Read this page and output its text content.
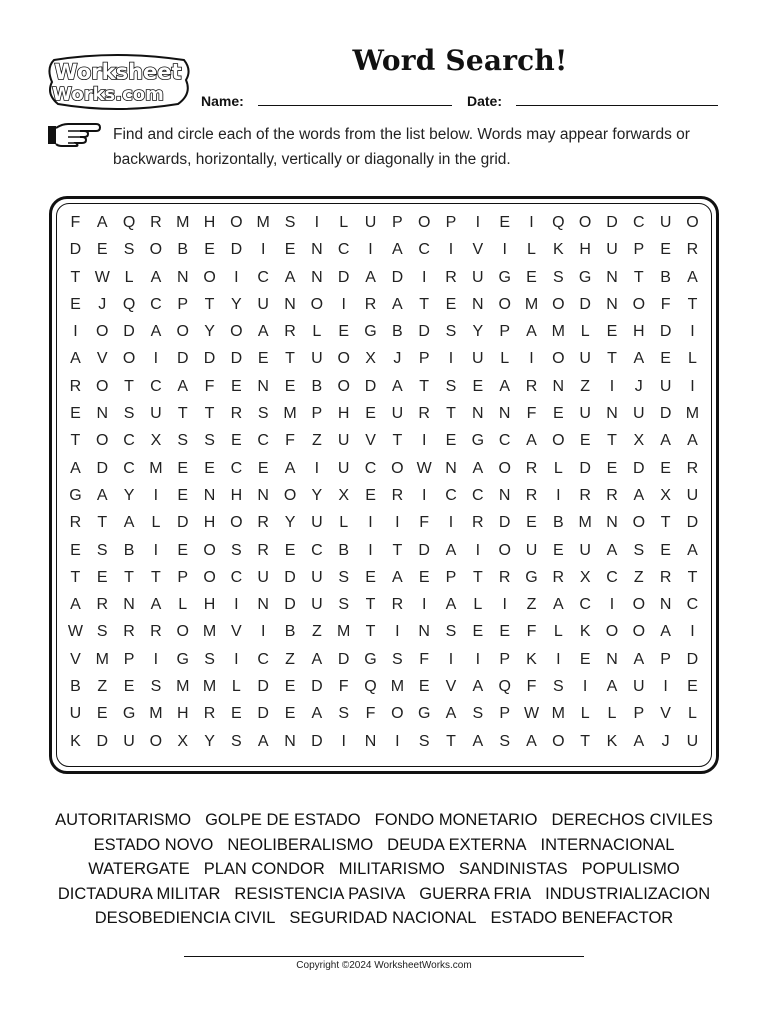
Worksheet
Works.com
Word Search!
Name:	Date:
Find and circle each of the words from the list below. Words may appear forwards or backwards, horizontally, vertically or diagonally in the grid.
F	A Q R M H O M S	I	L	U P O P	I	E	I	Q O D C U O
D E	S O B	E D	I	E N C	I	A C	I	V	I	L	K H U P	E R
T W L	A N O	I	C A N D A D	I	R U G E	S G N	T	B	A
E	J	Q C P	T	Y U N O	I	R A	T	E N O M O D N O F	T
I	O D A O Y O A R	L	E G B D S	Y	P	A M L	E H D	I
A	V O	I	D D D E	T	U O X	J	P	I	U	L	I	O U	T	A	E	L
R O T	C A	F	E N E	B O D A	T	S	E	A R N	Z	I	J	U	I
E N S U	T	T	R S M P H E U R	T	N N	F	E U N U D M
T O C X	S	S	E C	F	Z	U V	T	I	E G C A O E	T	X	A	A
A D C M E	E C E	A	I	U C O W N A O R	L	D E D E R
G A	Y	I	E N H N O Y	X	E R	I	C C N R	I	R R A	X U
R	T	A	L	D H O R Y U	L	I	I	F	I	R D E	B M N O T	D
E	S	B	I	E O S R E C B	I	T	D A	I	O U E U A	S	E	A
T	E	T	T	P O C U D U S	E	A	E	P	T	R G R X C	Z	R	T
A R N A	L	H	I	N D U S	T	R	I	A	L	I	Z	A C	I	O N C
W S R R O M V	I	B	Z M T	I	N S	E	E	F	L	K O O A	I
V M P	I	G S	I	C	Z	A D G S	F	I	I	P	K	I	E N A	P D
B	Z	E	S M M L	D E D	F Q M E	V	A Q F	S	I	A U	I	E
U E G M H R E D E	A	S	F O G A	S	P W M L	L	P	V	L
K D U O X	Y	S	A N D	I	N	I	S	T	A	S	A O T	K	A	J	U
AUTORITARISMO GOLPE DE ESTADO FONDO MONETARIO DERECHOS CIVILES
ESTADO NOVO NEOLIBERALISMO DEUDA EXTERNA INTERNACIONAL
WATERGATE PLAN CONDOR MILITARISMO SANDINISTAS POPULISMO
DICTADURA MILITAR RESISTENCIA PASIVA GUERRA FRIA INDUSTRIALIZACION
DESOBEDIENCIA CIVIL SEGURIDAD NACIONAL ESTADO BENEFACTOR
Copyright ©2024 WorksheetWorks.com
